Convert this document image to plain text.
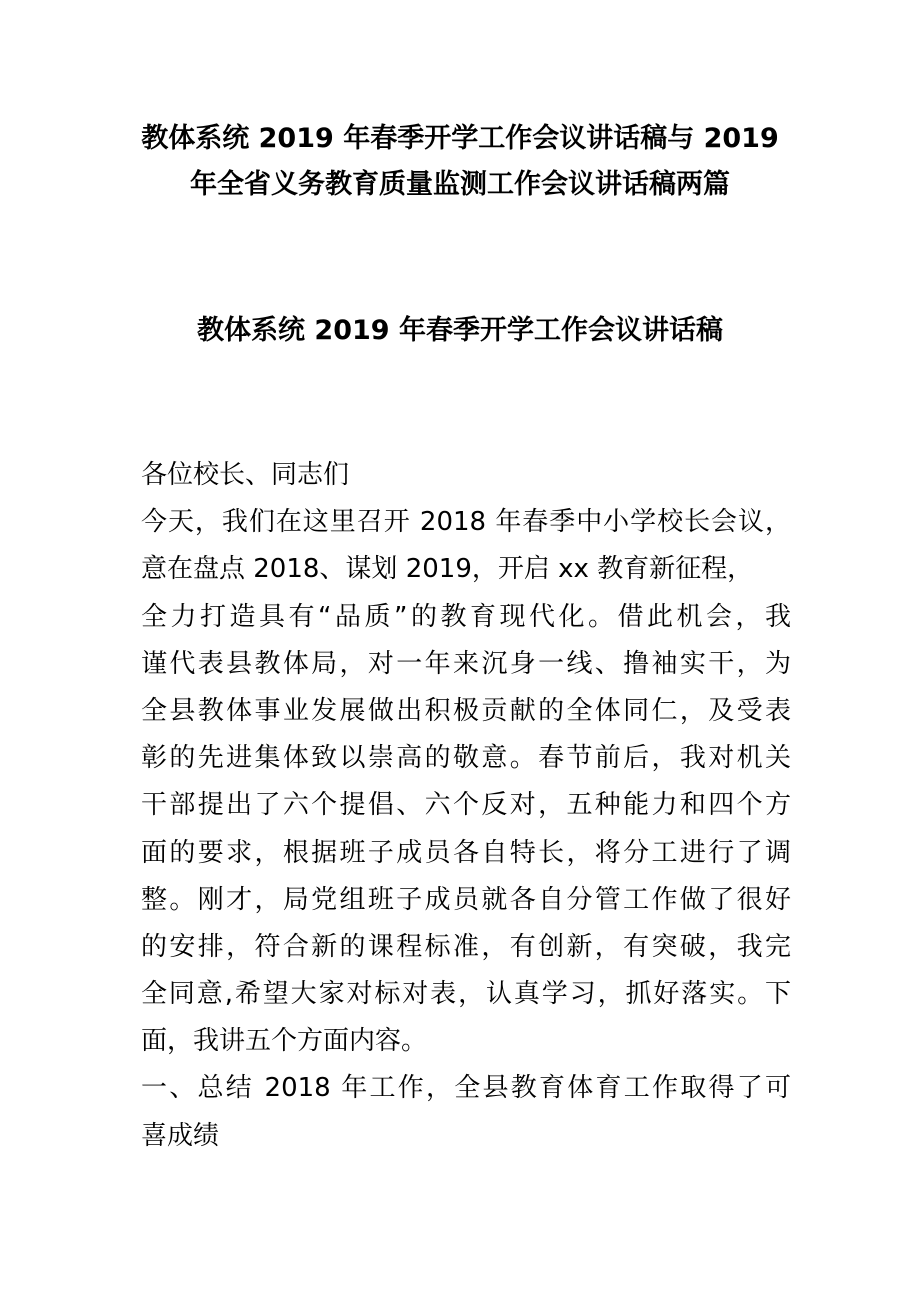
教体系统 2019 年春季开学工作会议讲话稿与 2019
年全省义务教育质量监测工作会议讲话稿两篇
教体系统 2019 年春季开学工作会议讲话稿
各位校长、同志们
今天，我们在这里召开 2018 年春季中小学校长会议，
意在盘点 2018、谋划 2019，开启 xx 教育新征程，
全力打造具有“品质”的教育现代化。借此机会，我
谨代表县教体局，对一年来沉身一线、撸袖实干，为
全县教体事业发展做出积极贡献的全体同仁，及受表
彰的先进集体致以崇高的敬意。春节前后，我对机关
干部提出了六个提倡、六个反对，五种能力和四个方
面的要求，根据班子成员各自特长，将分工进行了调
整。刚才，局党组班子成员就各自分管工作做了很好
的安排，符合新的课程标准，有创新，有突破，我完
全同意,希望大家对标对表，认真学习，抓好落实。下
面，我讲五个方面内容。
一、总结 2018 年工作，全县教育体育工作取得了可
喜成绩
